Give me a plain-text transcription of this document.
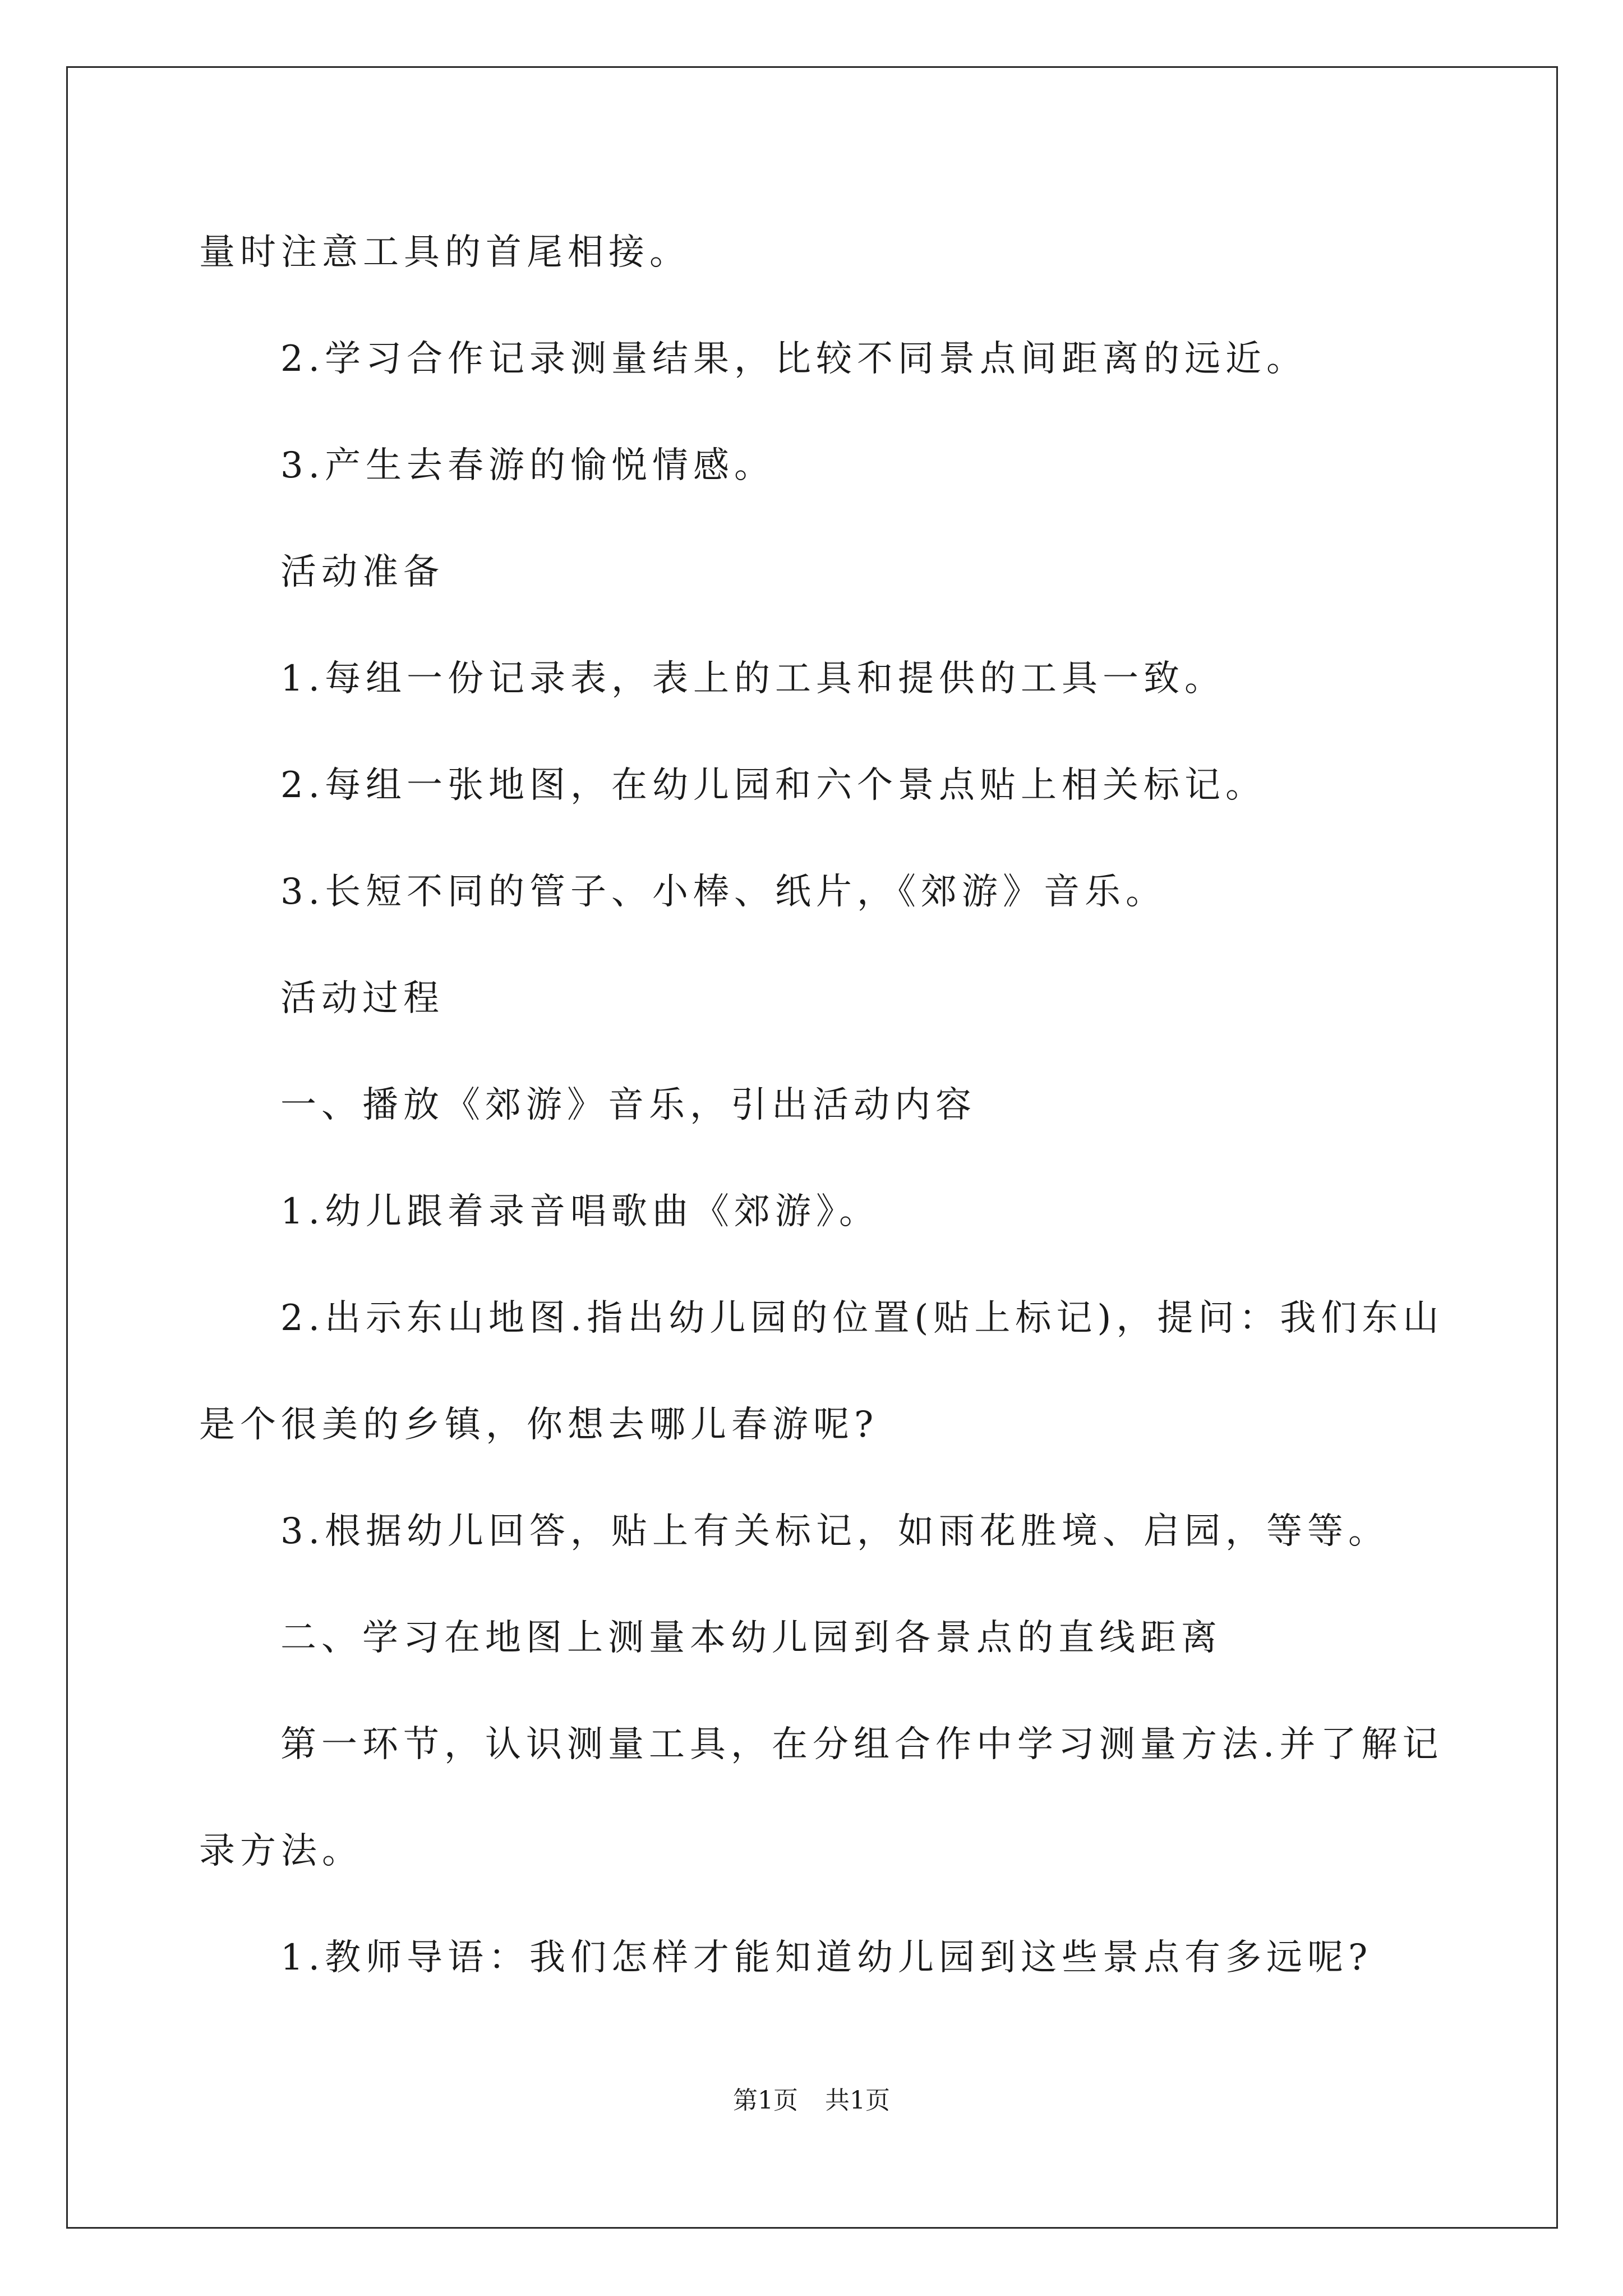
量时注意工具的首尾相接。
2.学习合作记录测量结果，比较不同景点间距离的远近。
3.产生去春游的愉悦情感。
活动准备
1.每组一份记录表，表上的工具和提供的工具一致。
2.每组一张地图，在幼儿园和六个景点贴上相关标记。
3.长短不同的管子、小棒、纸片，《郊游》音乐。
活动过程
一、播放《郊游》音乐，引出活动内容
1.幼儿跟着录音唱歌曲《郊游》。
2.出示东山地图.指出幼儿园的位置(贴上标记)，提问：我们东山
是个很美的乡镇，你想去哪儿春游呢?
3.根据幼儿回答，贴上有关标记，如雨花胜境、启园，等等。
二、学习在地图上测量本幼儿园到各景点的直线距离
第一环节，认识测量工具，在分组合作中学习测量方法.并了解记
录方法。
1.教师导语：我们怎样才能知道幼儿园到这些景点有多远呢?
第1页 共1页
